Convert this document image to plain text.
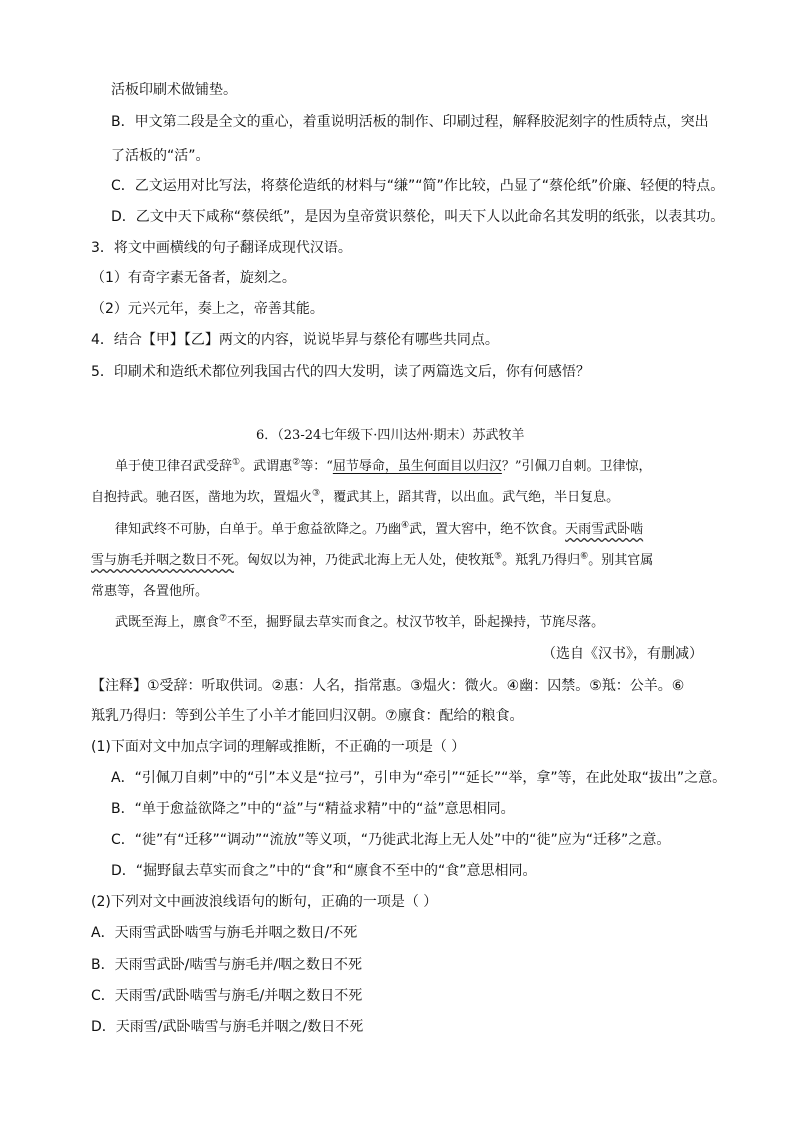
活板印刷术做铺垫。
B．甲文第二段是全文的重心，着重说明活板的制作、印刷过程，解释胶泥刻字的性质特点，突出
了活板的“活”。
C．乙文运用对比写法，将蔡伦造纸的材料与“缣”“简”作比较，凸显了“蔡伦纸”价廉、轻便的特点。
D．乙文中天下咸称“蔡侯纸”，是因为皇帝赏识蔡伦，叫天下人以此命名其发明的纸张，以表其功。
3．将文中画横线的句子翻译成现代汉语。
（1）有奇字素无备者，旋刻之。
（2）元兴元年，奏上之，帝善其能。
4．结合【甲】【乙】两文的内容，说说毕昇与蔡伦有哪些共同点。
5．印刷术和造纸术都位列我国古代的四大发明，读了两篇选文后，你有何感悟？
6．（23-24七年级下·四川达州·期末）苏武牧羊
单于使卫律召武受辞①。武谓惠②等：“屈节辱命，虽生何面目以归汉？”引佩刀自刺。卫律惊，
自抱持武。驰召医，凿地为坎，置煴火③，覆武其上，蹈其背，以出血。武气绝，半日复息。
律知武终不可胁，白单于。单于愈益欲降之。乃幽④武，置大窖中，绝不饮食。天雨雪武卧啮
雪与旃毛并咽之数日不死。匈奴以为神，乃徙武北海上无人处，使牧羝⑤。羝乳乃得归⑥。别其官属
常惠等，各置他所。
武既至海上，廪食⑦不至，掘野鼠去草实而食之。杖汉节牧羊，卧起操持，节旄尽落。
（选自《汉书》，有删减）
【注释】①受辞：听取供词。②惠：人名，指常惠。③煴火：微火。④幽：囚禁。⑤羝：公羊。⑥
羝乳乃得归：等到公羊生了小羊才能回归汉朝。⑦廪食：配给的粮食。
(1)下面对文中加点字词的理解或推断，不正确的一项是（ ）
A．“引佩刀自刺”中的“引”本义是“拉弓”，引申为“牵引”“延长”“举，拿”等，在此处取“拔出”之意。
B．“单于愈益欲降之”中的“益”与“精益求精”中的“益”意思相同。
C．“徙”有“迁移”“调动”“流放”等义项，“乃徙武北海上无人处”中的“徙”应为“迁移”之意。
D．“掘野鼠去草实而食之”中的“食”和“廪食不至中的“食”意思相同。
(2)下列对文中画波浪线语句的断句，正确的一项是（ ）
A．天雨雪武卧啮雪与旃毛并咽之数日/不死
B．天雨雪武卧/啮雪与旃毛并/咽之数日不死
C．天雨雪/武卧啮雪与旃毛/并咽之数日不死
D．天雨雪/武卧啮雪与旃毛并咽之/数日不死
